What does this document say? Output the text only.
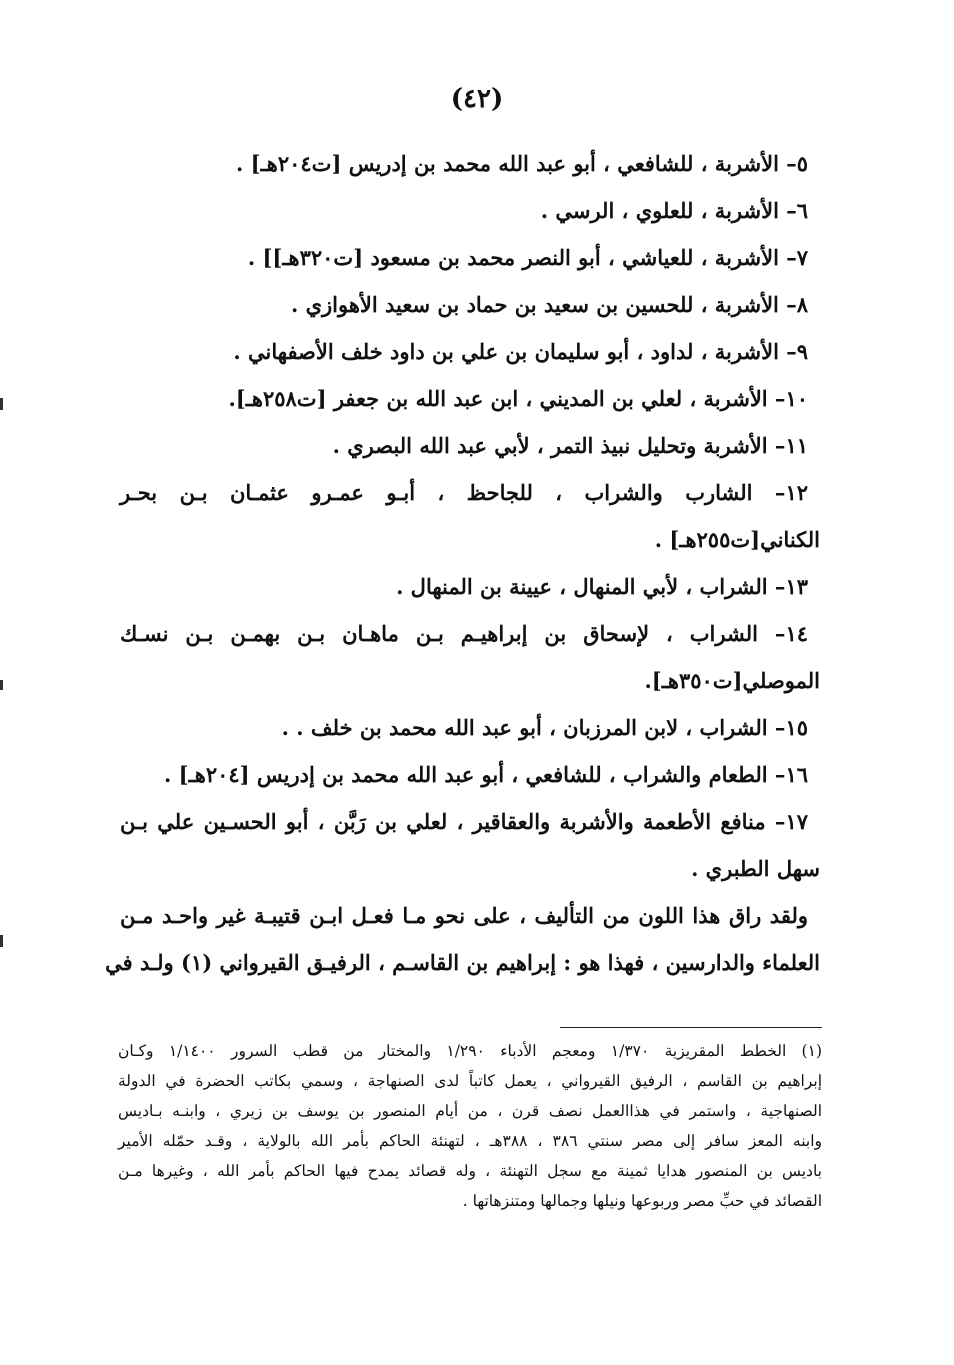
(٤٢)
٥– الأشربة ، للشافعي ، أبو عبد الله محمد بن إدريس [ت٢٠٤هـ] .
٦– الأشربة ، للعلوي ، الرسي .
٧– الأشربة ، للعياشي ، أبو النصر محمد بن مسعود [ت٣٢٠هـ]] .
٨– الأشربة ، للحسين بن سعيد بن حماد بن سعيد الأهوازي .
٩– الأشربة ، لداود ، أبو سليمان بن علي بن داود خلف الأصفهاني .
١٠– الأشربة ، لعلي بن المديني ، ابن عبد الله بن جعفر [ت٢٥٨هـ].
١١– الأشربة وتحليل نبيذ التمر ، لأبي عبد الله البصري .
١٢– الشارب والشراب ، للجاحظ ، أبـو عمـرو عثمـان بـن بحـر
الكناني[ت٢٥٥هـ] .
١٣– الشراب ، لأبي المنهال ، عيينة بن المنهال .
١٤– الشراب ، لإسحاق بن إبراهيـم بـن ماهـان بـن بهمـن بـن نسـك
الموصلي[ت٣٥٠هـ].
١٥– الشراب ، لابن المرزبان ، أبو عبد الله محمد بن خلف . .
١٦– الطعام والشراب ، للشافعي ، أبو عبد الله محمد بن إدريس [٢٠٤هـ] .
١٧– منافع الأطعمة والأشربة والعقاقير ، لعلي بن رَبَّن ، أبو الحسـين علي بـن
سهل الطبري .
ولقد راق هذا اللون من التأليف ، على نحو مـا فعـل ابـن قتيبـة غير واحـد مـن
العلماء والدارسين ، فهذا هو : إبراهيم بن القاسـم ، الرفيـق القيرواني (١) ولـد في
(١) الخطط المقريزية ١/٣٧٠ ومعجم الأدباء ١/٢٩٠ والمختار من قطب السرور ١/١٤٠٠ وكـان
إبراهيم بن القاسم ، الرفيق القيرواني ، يعمل كاتباً لدى الصنهاجة ، وسمي بكاتب الحضرة في الدولة
الصنهاجية ، واستمر في هذاالعمل نصف قرن ، من أيام المنصور بن يوسف بن زيري ، وابنـه بـاديس
وابنه المعز سافر إلى مصر سنتي ٣٨٦ ، ٣٨٨هـ ، لتهنئة الحاكم بأمر الله بالولاية ، وقـد حمّله الأمير
باديس بن المنصور هدايا ثمينة مع سجل التهنئة ، وله قصائد يمدح فيها الحاكم بأمر الله ، وغيرها مـن
القصائد في حبِّ مصر وربوعها ونيلها وجمالها ومتنزهاتها .
